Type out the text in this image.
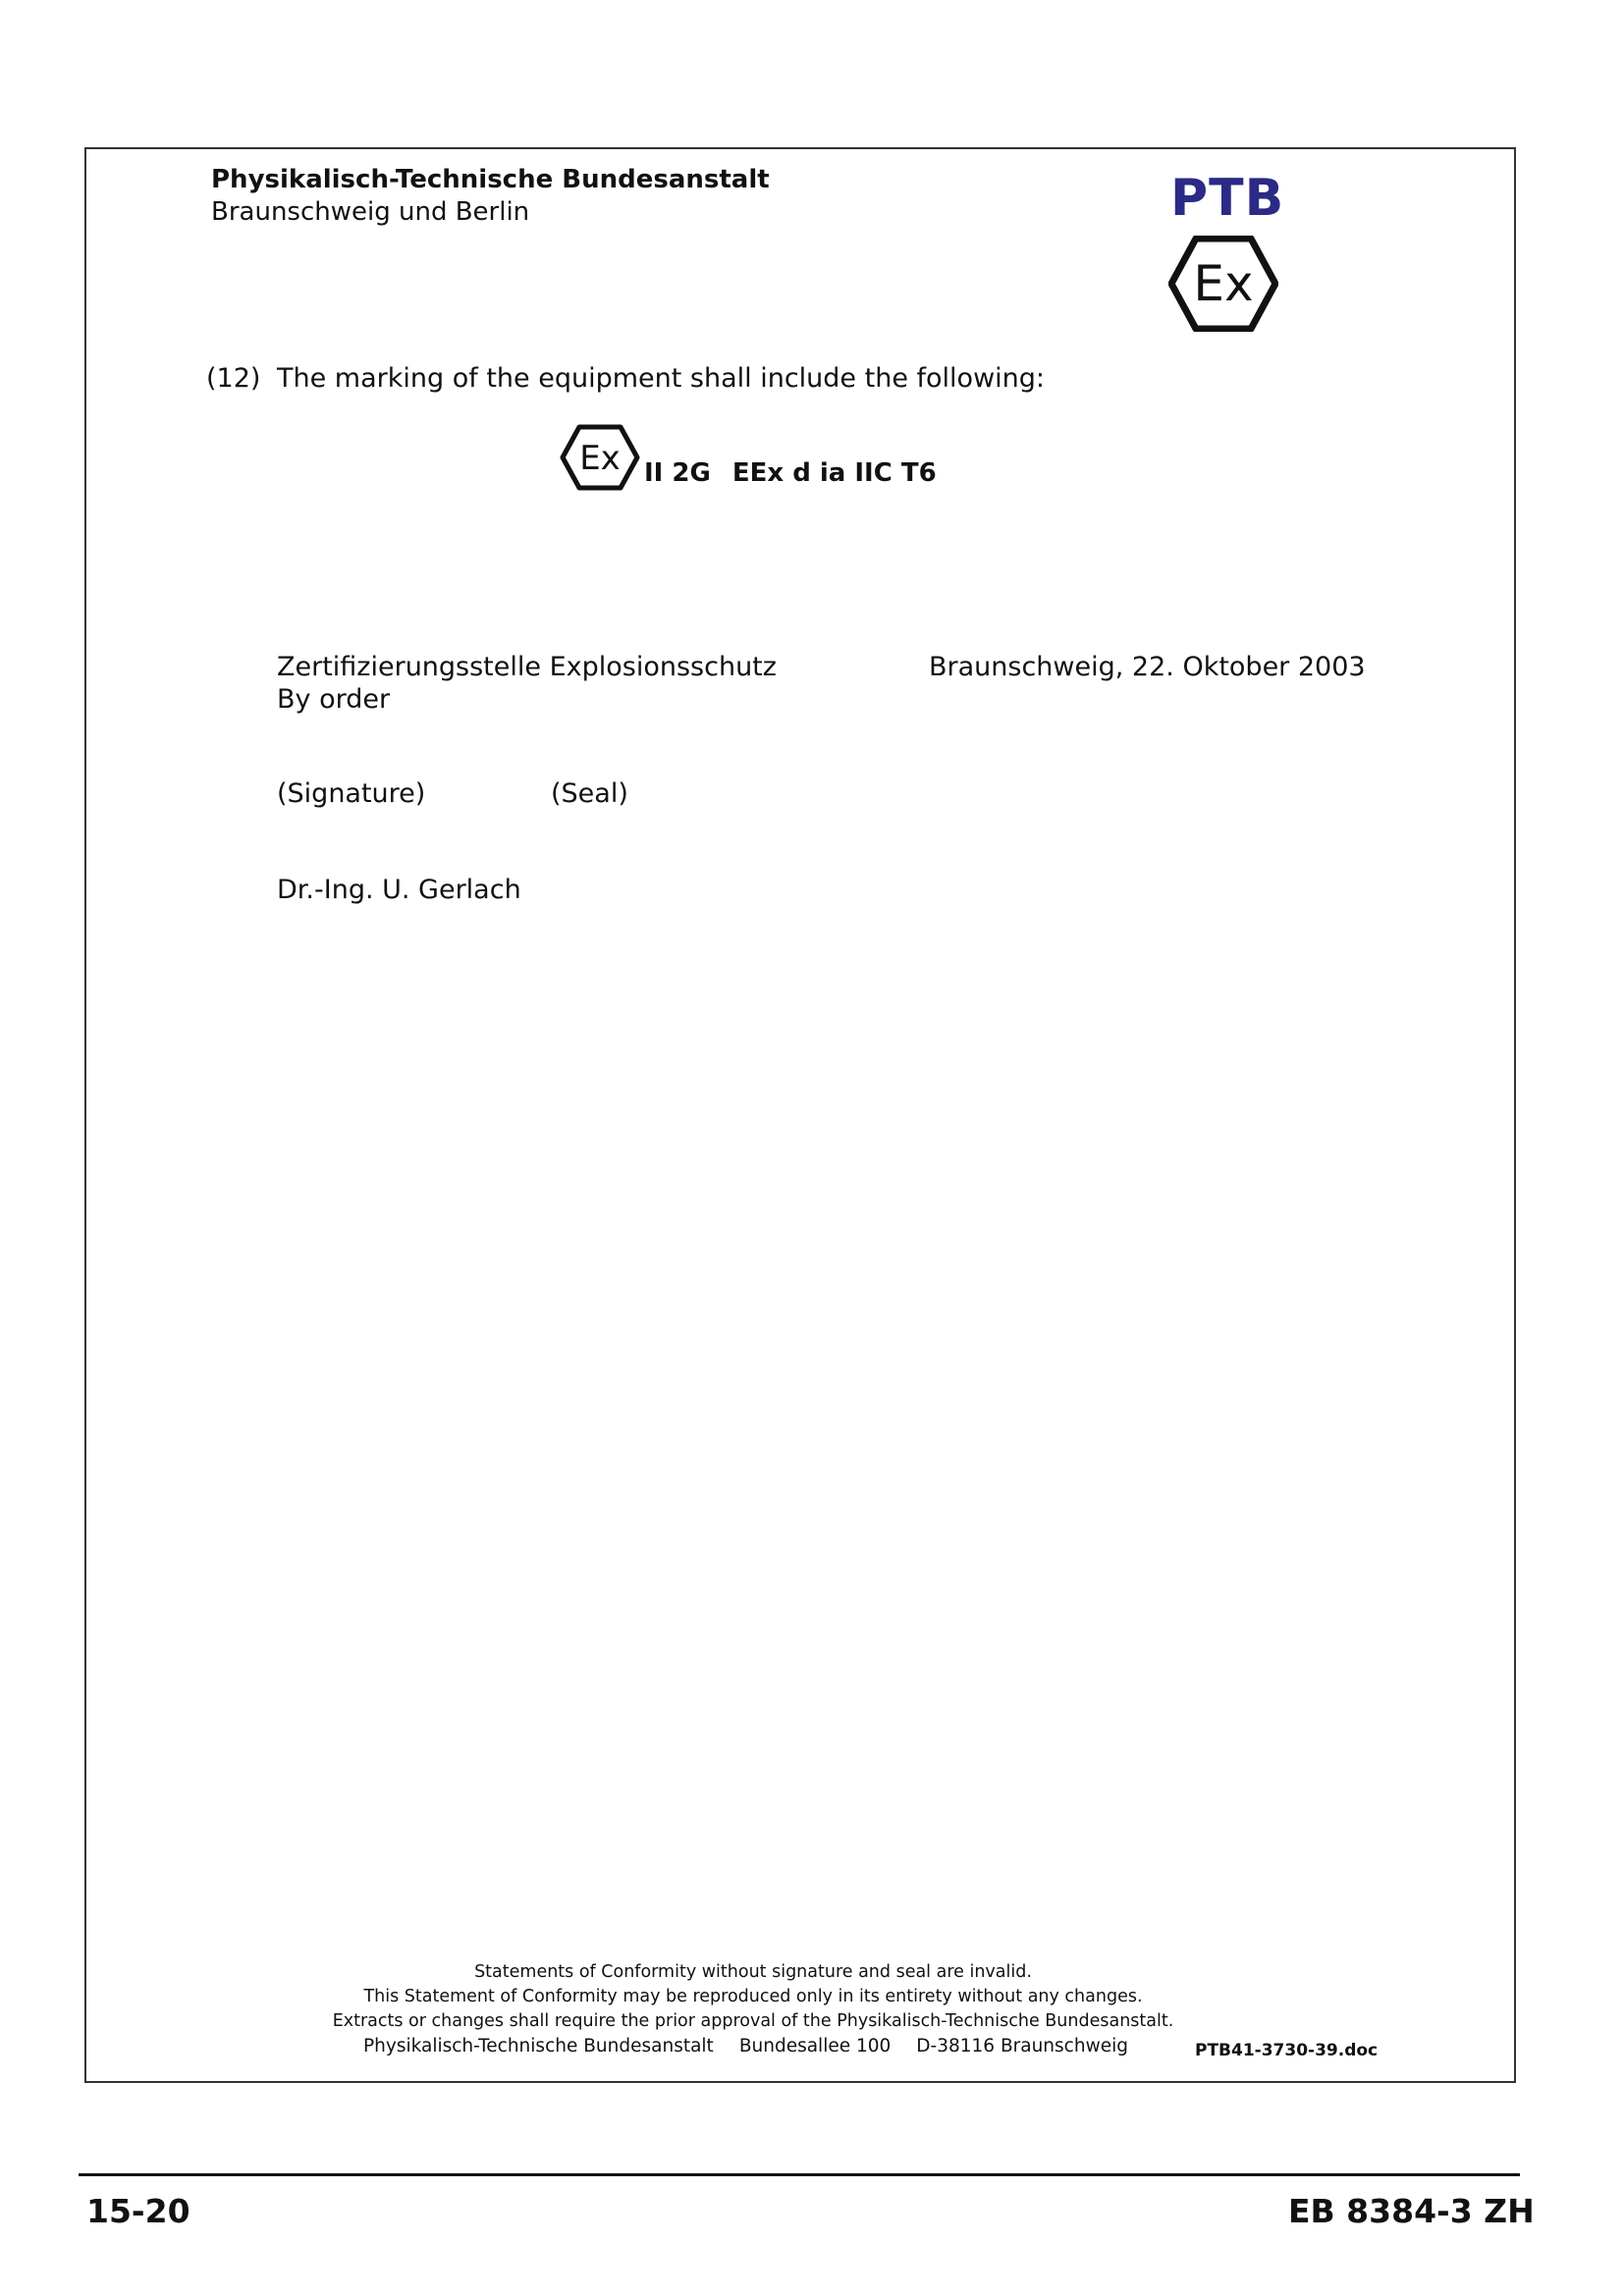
Physikalisch-Technische Bundesanstalt
Braunschweig und Berlin	PTB
Ex
(12) The marking of the equipment shall include the following:
Ex II 2G EEx d ia IIC T6
Zertifizierungsstelle Explosionsschutz
By order
Braunschweig, 22. Oktober 2003
(Signature)	(Seal)
Dr.-Ing. U. Gerlach
Statements of Conformity without signature and seal are invalid.
This Statement of Conformity may be reproduced only in its entirety without any changes.
Extracts or changes shall require the prior approval of the Physikalisch-Technische Bundesanstalt.
Physikalisch-Technische Bundesanstalt Bundesallee 100 D-38116 Braunschweig	PTB41-3730-39.doc
15-20	EB 8384-3 ZH
